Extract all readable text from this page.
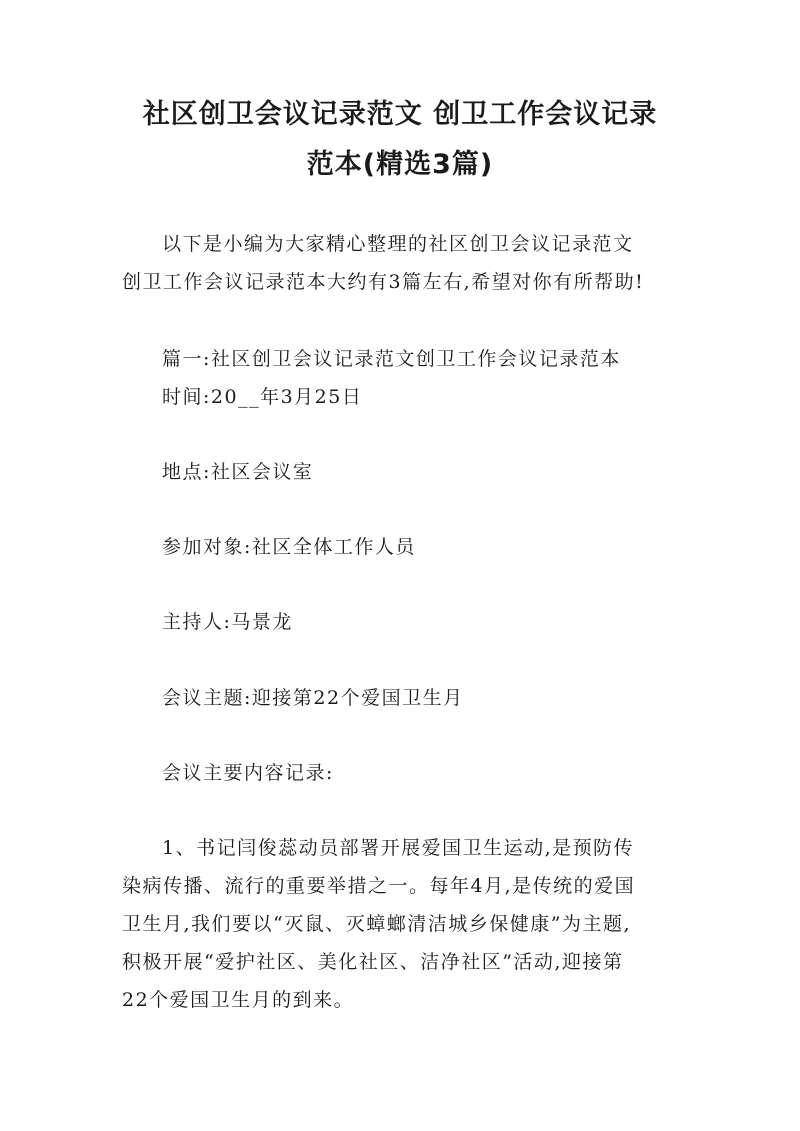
社区创卫会议记录范文 创卫工作会议记录
范本(精选3篇)
以下是小编为大家精心整理的社区创卫会议记录范文
创卫工作会议记录范本大约有3篇左右,希望对你有所帮助!
篇一:社区创卫会议记录范文创卫工作会议记录范本
时间:20__年3月25日
地点:社区会议室
参加对象:社区全体工作人员
主持人:马景龙
会议主题:迎接第22个爱国卫生月
会议主要内容记录:
1、书记闫俊蕊动员部署开展爱国卫生运动,是预防传
染病传播、流行的重要举措之一。每年4月,是传统的爱国
卫生月,我们要以“灭鼠、灭蟑螂清洁城乡保健康”为主题,
积极开展“爱护社区、美化社区、洁净社区”活动,迎接第
22个爱国卫生月的到来。
